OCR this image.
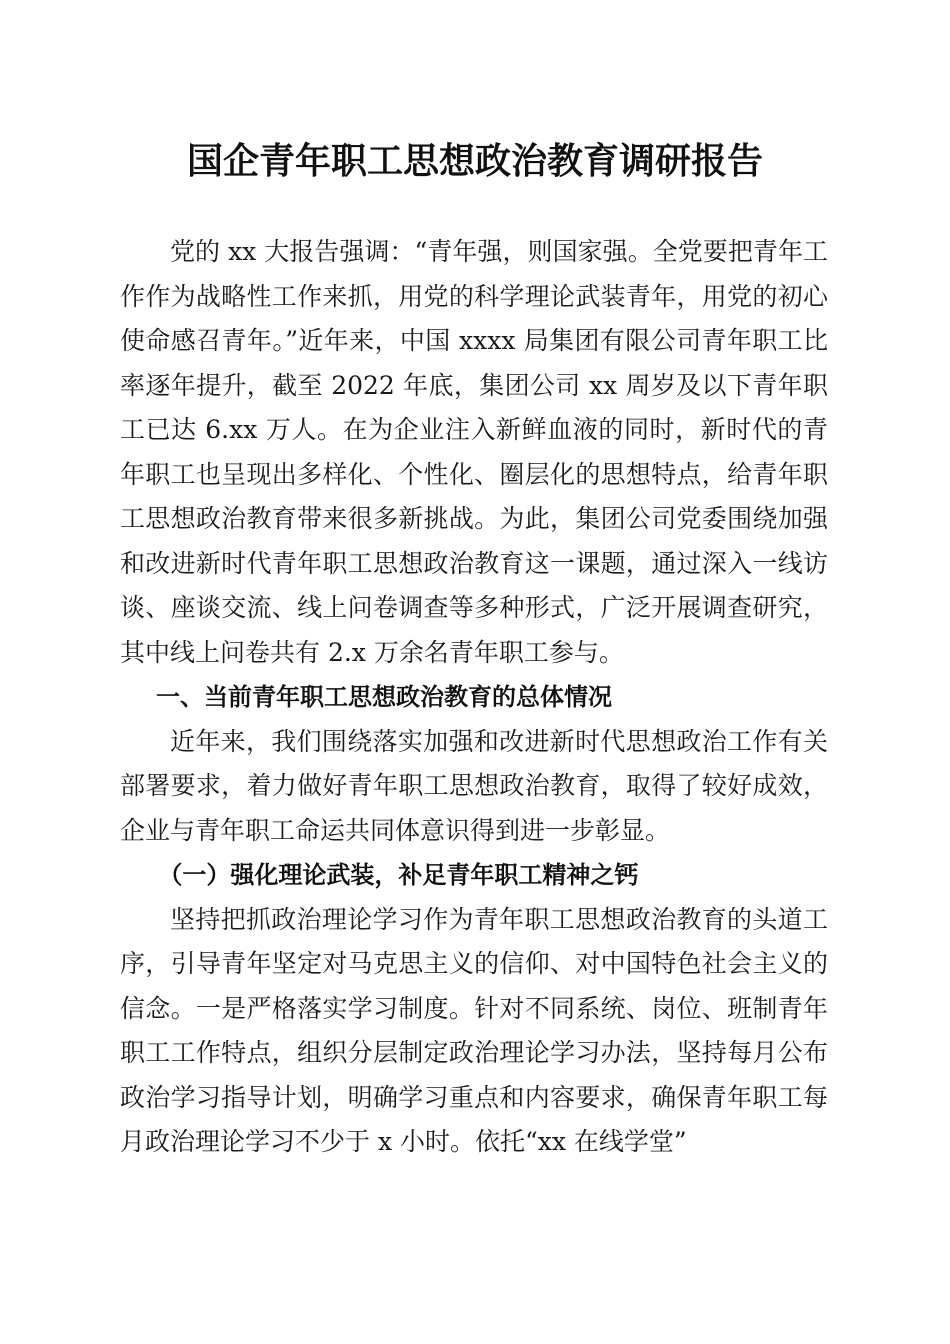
国企青年职工思想政治教育调研报告

党的 xx 大报告强调：“青年强，则国家强。全党要把青年工作作为战略性工作来抓，用党的科学理论武装青年，用党的初心使命感召青年。”近年来，中国 xxxx 局集团有限公司青年职工比率逐年提升，截至 2022 年底，集团公司 xx 周岁及以下青年职工已达 6.xx 万人。在为企业注入新鲜血液的同时，新时代的青年职工也呈现出多样化、个性化、圈层化的思想特点，给青年职工思想政治教育带来很多新挑战。为此，集团公司党委围绕加强和改进新时代青年职工思想政治教育这一课题，通过深入一线访谈、座谈交流、线上问卷调查等多种形式，广泛开展调查研究，其中线上问卷共有 2.x 万余名青年职工参与。

一、当前青年职工思想政治教育的总体情况

近年来，我们围绕落实加强和改进新时代思想政治工作有关部署要求，着力做好青年职工思想政治教育，取得了较好成效，企业与青年职工命运共同体意识得到进一步彰显。

（一）强化理论武装，补足青年职工精神之钙

坚持把抓政治理论学习作为青年职工思想政治教育的头道工序，引导青年坚定对马克思主义的信仰、对中国特色社会主义的信念。一是严格落实学习制度。针对不同系统、岗位、班制青年职工工作特点，组织分层制定政治理论学习办法，坚持每月公布政治学习指导计划，明确学习重点和内容要求，确保青年职工每月政治理论学习不少于 x 小时。依托“xx 在线学堂”
